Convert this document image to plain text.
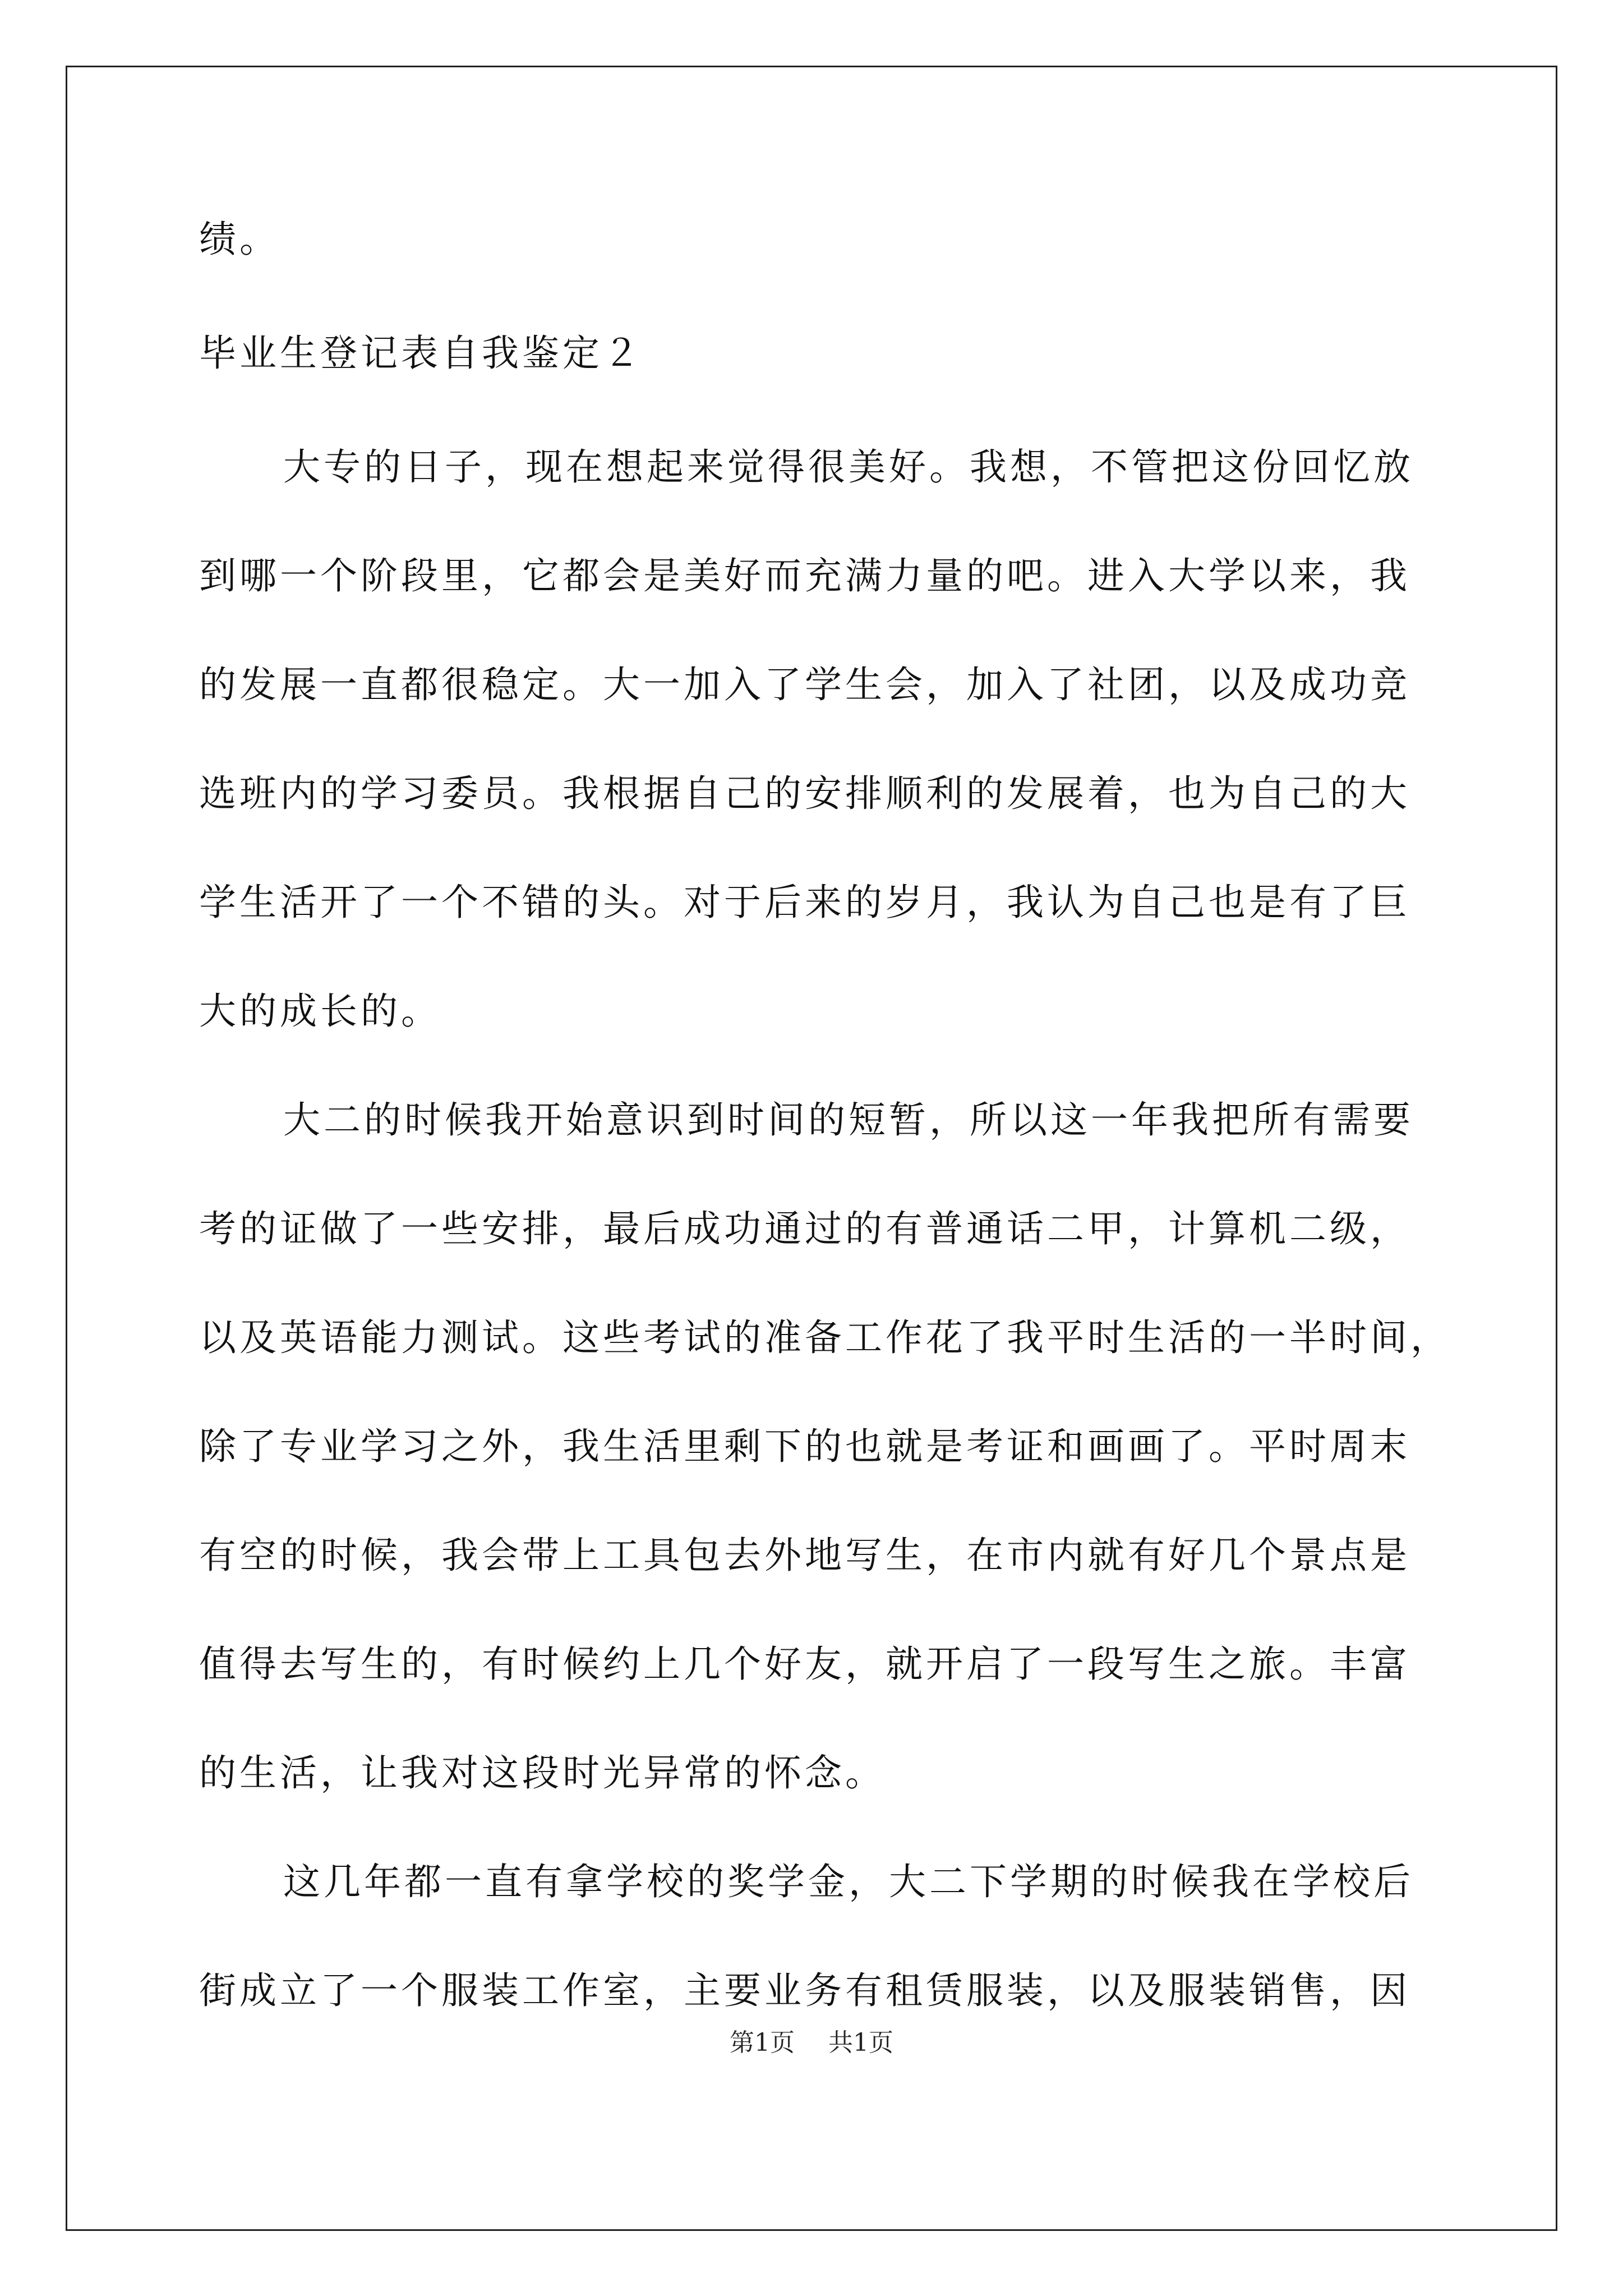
绩。
毕业生登记表自我鉴定２
大专的日子，现在想起来觉得很美好。我想，不管把这份回忆放
到哪一个阶段里，它都会是美好而充满力量的吧。进入大学以来，我
的发展一直都很稳定。大一加入了学生会，加入了社团，以及成功竞
选班内的学习委员。我根据自己的安排顺利的发展着，也为自己的大
学生活开了一个不错的头。对于后来的岁月，我认为自己也是有了巨
大的成长的。
大二的时候我开始意识到时间的短暂，所以这一年我把所有需要
考的证做了一些安排，最后成功通过的有普通话二甲，计算机二级，
以及英语能力测试。这些考试的准备工作花了我平时生活的一半时间，
除了专业学习之外，我生活里剩下的也就是考证和画画了。平时周末
有空的时候，我会带上工具包去外地写生，在市内就有好几个景点是
值得去写生的，有时候约上几个好友，就开启了一段写生之旅。丰富
的生活，让我对这段时光异常的怀念。
这几年都一直有拿学校的奖学金，大二下学期的时候我在学校后
街成立了一个服装工作室，主要业务有租赁服装，以及服装销售，因
第1页 共1页
